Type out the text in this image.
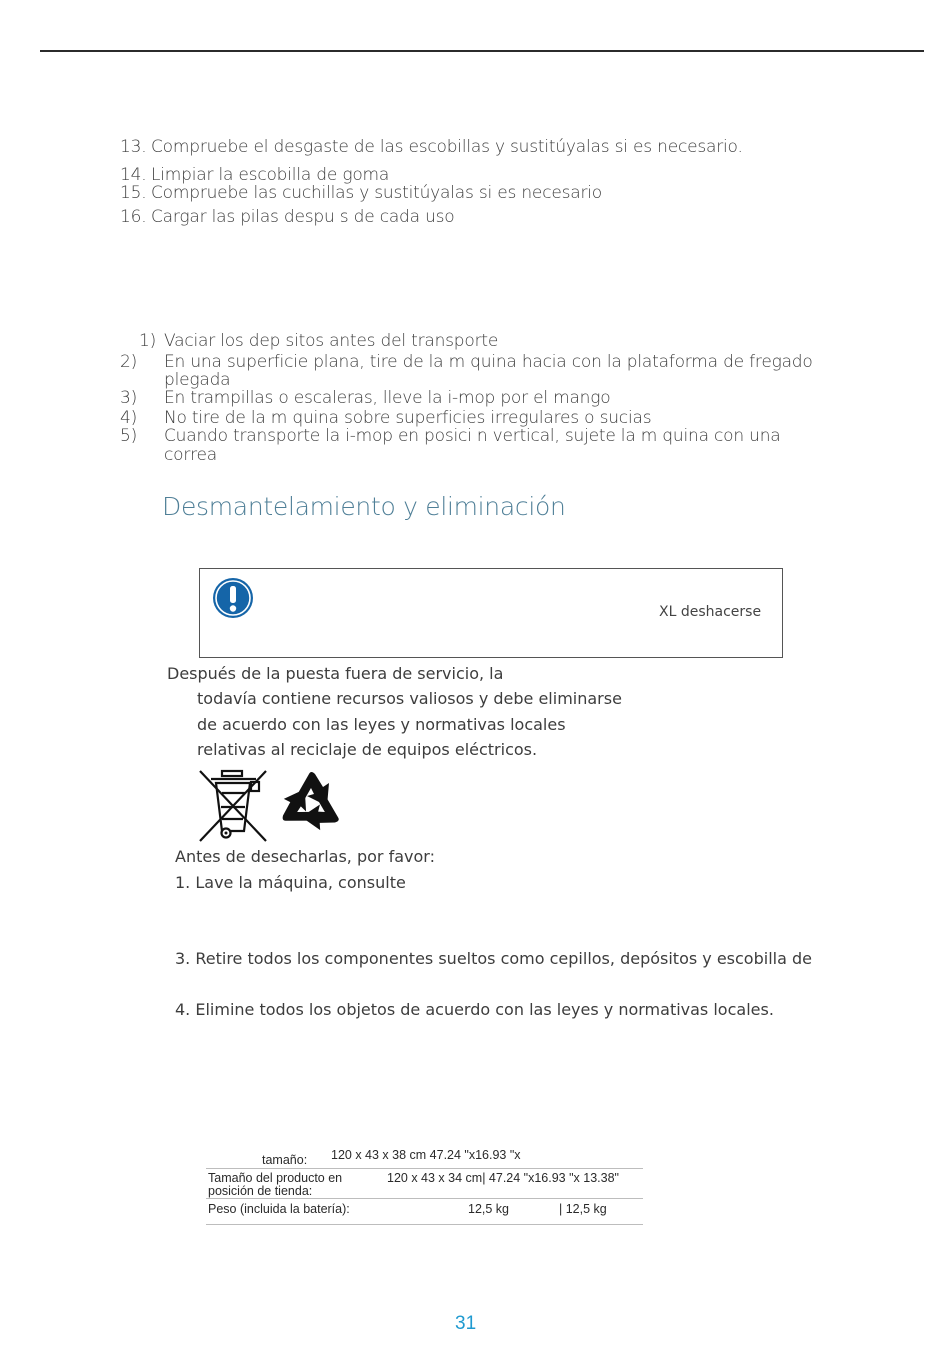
13. Compruebe el desgaste de las escobillas y sustitúyalas si es necesario.
14. Limpiar la escobilla de goma
15. Compruebe las cuchillas y sustitúyalas si es necesario
16. Cargar las pilas despu s de cada uso
1) Vaciar los dep sitos antes del transporte
2) En una superficie plana, tire de la m quina hacia con la plataforma de fregado
plegada
3) En trampillas o escaleras, lleve la i-mop por el mango
4) No tire de la m quina sobre superficies irregulares o sucias
5) Cuando transporte la i-mop en posici n vertical, sujete la m quina con una
correa
Desmantelamiento y eliminación
XL deshacerse
Después de la puesta fuera de servicio, la
todavía contiene recursos valiosos y debe eliminarse
de acuerdo con las leyes y normativas locales
relativas al reciclaje de equipos eléctricos.
Antes de desecharlas, por favor:
1. Lave la máquina, consulte
3. Retire todos los componentes sueltos como cepillos, depósitos y escobilla de
4. Elimine todos los objetos de acuerdo con las leyes y normativas locales.
tamaño: 120 x 43 x 38 cm 47.24 "x16.93 "x
Tamaño del producto en
posición de tienda:
120 x 43 x 34 cm| 47.24 "x16.93 "x 13.38"
Peso (incluida la batería):	12,5 kg	| 12,5 kg
31
